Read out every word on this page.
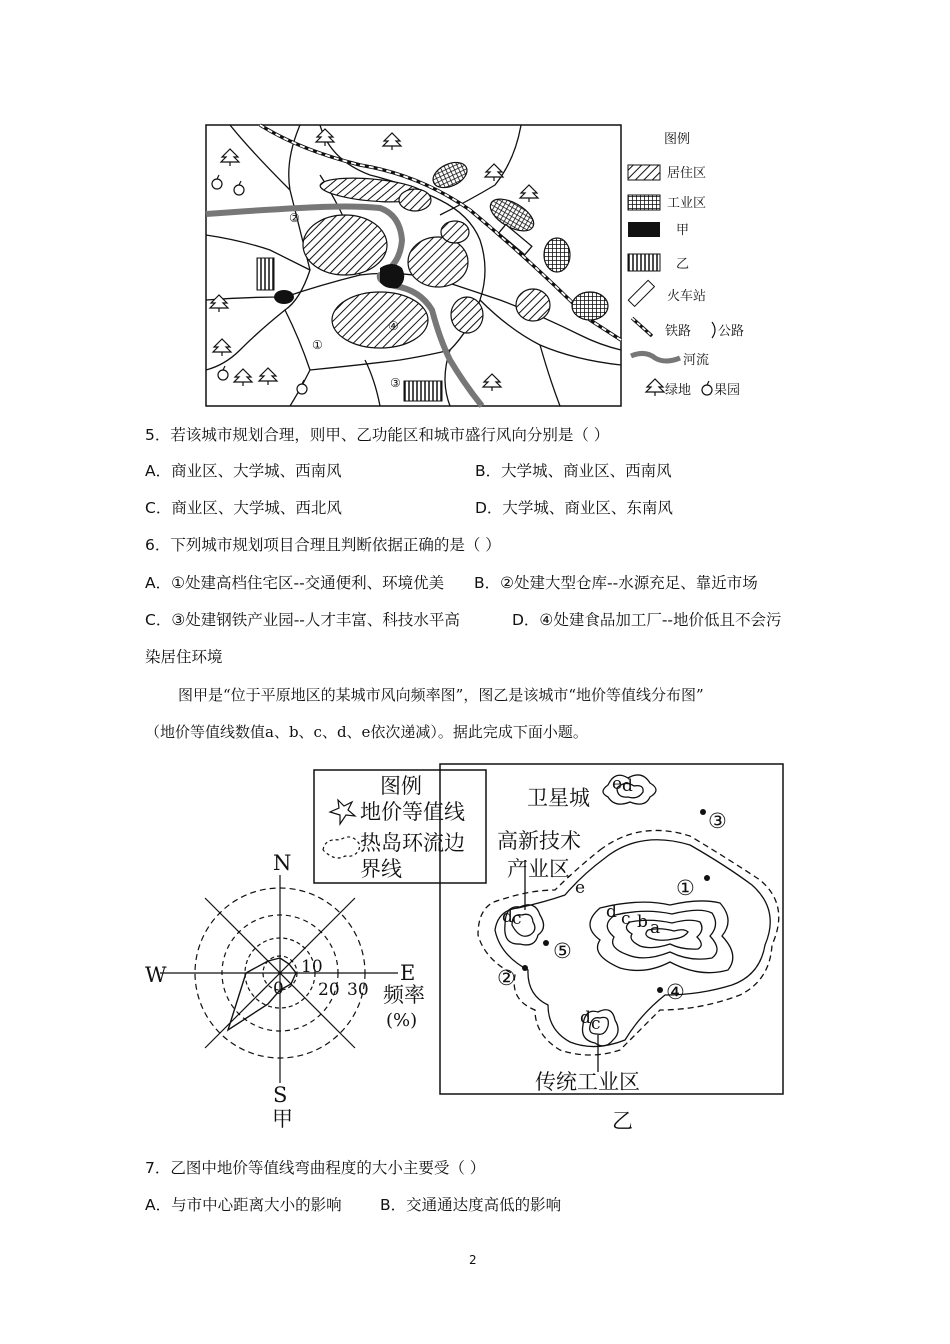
②
①
③
④
图例
居住区
工业区
甲
乙
火车站
铁路 公路
河流
绿地 果园
5．若该城市规划合理，则甲、乙功能区和城市盛行风向分别是（ ）
A．商业区、大学城、西南风	B．大学城、商业区、西南风
C．商业区、大学城、西北风	D．大学城、商业区、东南风
6．下列城市规划项目合理且判断依据正确的是（ ）
A．①处建高档住宅区--交通便利、环境优美 B．②处建大型仓库--水源充足、靠近市场
C．③处建钢铁产业园--人才丰富、科技水平高	D．④处建食品加工厂--地价低且不会污
染居住环境
图甲是“位于平原地区的某城市风向频率图”，图乙是该城市“地价等值线分布图”
（地价等值线数值a、b、c、d、e依次递减）。据此完成下面小题。
图例
地价等值线
热岛环流边
界线
N
S
W	E
0
10
20 30 频率
(%)
甲
卫星城
高新技术
产业区
传统工业区
乙
③
①
⑤
②
④
e d
e
d c	d c b a
d c
7．乙图中地价等值线弯曲程度的大小主要受（ ）
A．与市中心距离大小的影响 B．交通通达度高低的影响
2
